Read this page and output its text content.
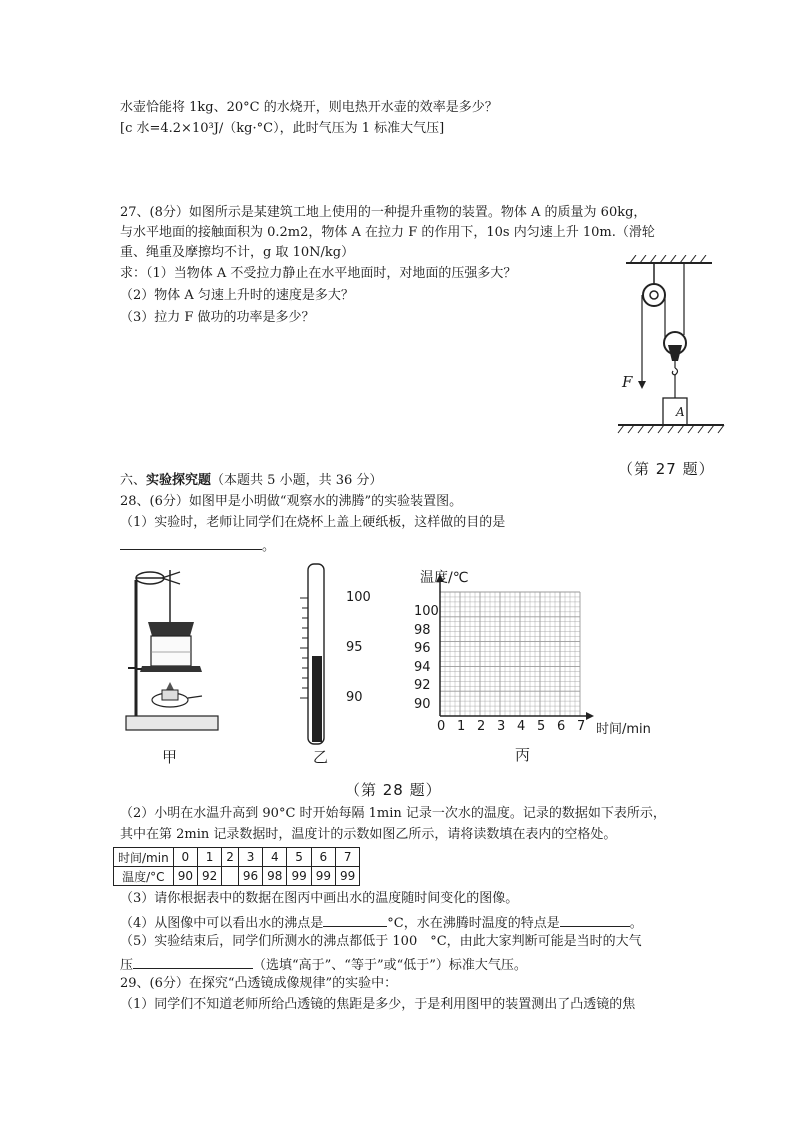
水壶恰能将 1kg、20°C 的水烧开，则电热开水壶的效率是多少？
[c 水=4.2×10³J/（kg·°C），此时气压为 1 标准大气压]
27、(8分）如图所示是某建筑工地上使用的一种提升重物的装置。物体 A 的质量为 60kg，
与水平地面的接触面积为 0.2m2，物体 A 在拉力 F 的作用下，10s 内匀速上升 10m.（滑轮
重、绳重及摩擦均不计，g 取 10N/kg）
求：（1）当物体 A 不受拉力静止在水平地面时，对地面的压强多大？
（2）物体 A 匀速上升时的速度是多大？
（3）拉力 F 做功的功率是多少？
F
A
（第 27 题）
六、实验探究题（本题共 5 小题，共 36 分）
28、(6分）如图甲是小明做“观察水的沸腾”的实验装置图。
（1）实验时，老师让同学们在烧杯上盖上硬纸板，这样做的目的是
。
甲
100
95
90
乙
温度/℃
时间/min
100
98
96
94
92
90
0 1 2 3 4 5 6 7
丙
（第 28 题）
（2）小明在水温升高到 90°C 时开始每隔 1min 记录一次水的温度。记录的数据如下表所示，
其中在第 2min 记录数据时，温度计的示数如图乙所示，请将读数填在表内的空格处。
时间/min	0	1	2	3	4	5	6	7
温度/°C	90	92		96	98	99	99	99
（3）请你根据表中的数据在图丙中画出水的温度随时间变化的图像。
（4）从图像中可以看出水的沸点是	°C，水在沸腾时温度的特点是	。
（5）实验结束后，同学们所测水的沸点都低于 100　°C，由此大家判断可能是当时的大气
压	（选填“高于”、“等于”或“低于”）标准大气压。
29、(6分）在探究“凸透镜成像规律”的实验中：
（1）同学们不知道老师所给凸透镜的焦距是多少，于是利用图甲的装置测出了凸透镜的焦
